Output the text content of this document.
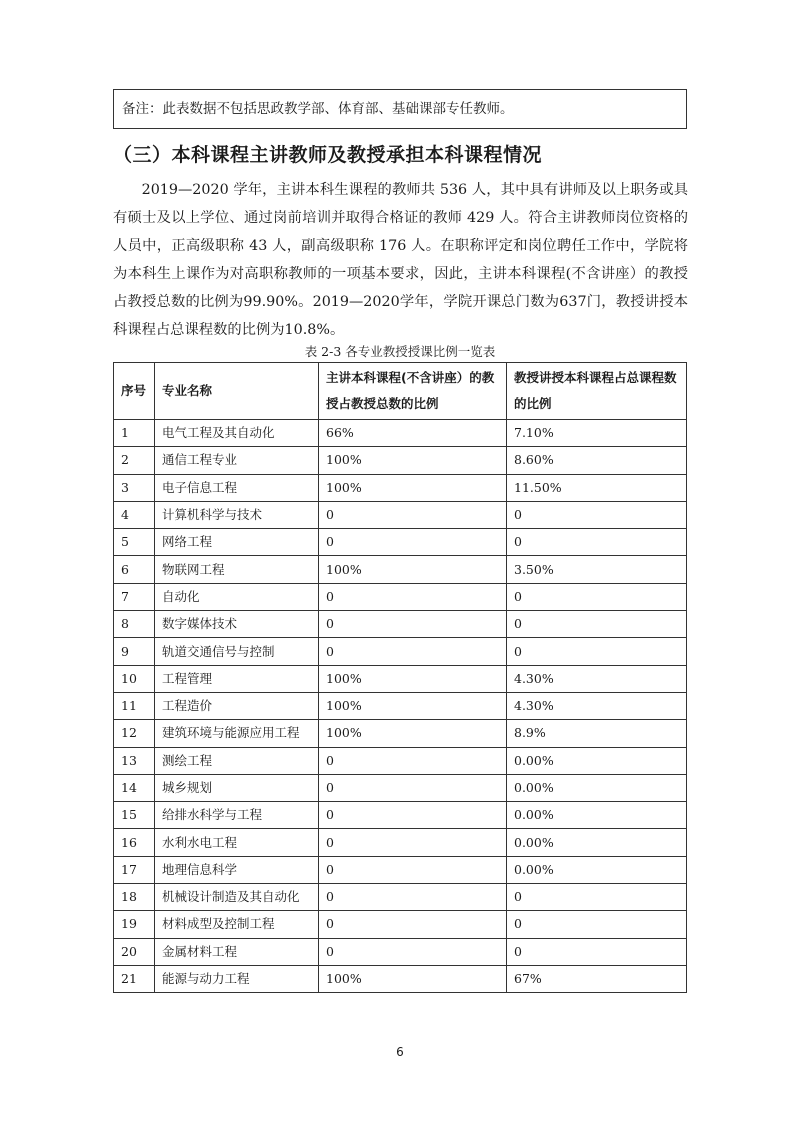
备注：此表数据不包括思政教学部、体育部、基础课部专任教师。
（三）本科课程主讲教师及教授承担本科课程情况

2019—2020 学年，主讲本科生课程的教师共 536 人，其中具有讲师及以上职务或具有硕士及以上学位、通过岗前培训并取得合格证的教师 429 人。符合主讲教师岗位资格的人员中，正高级职称 43 人，副高级职称 176 人。在职称评定和岗位聘任工作中，学院将为本科生上课作为对高职称教师的一项基本要求，因此，主讲本科课程(不含讲座）的教授占教授总数的比例为99.90%。2019—2020学年，学院开课总门数为637门，教授讲授本科课程占总课程数的比例为10.8%。

表 2-3 各专业教授授课比例一览表
序号	专业名称	主讲本科课程(不含讲座）的教授占教授总数的比例	教授讲授本科课程占总课程数的比例
1	电气工程及其自动化	66%	7.10%
2	通信工程专业	100%	8.60%
3	电子信息工程	100%	11.50%
4	计算机科学与技术	0	0
5	网络工程	0	0
6	物联网工程	100%	3.50%
7	自动化	0	0
8	数字媒体技术	0	0
9	轨道交通信号与控制	0	0
10	工程管理	100%	4.30%
11	工程造价	100%	4.30%
12	建筑环境与能源应用工程	100%	8.9%
13	测绘工程	0	0.00%
14	城乡规划	0	0.00%
15	给排水科学与工程	0	0.00%
16	水利水电工程	0	0.00%
17	地理信息科学	0	0.00%
18	机械设计制造及其自动化	0	0
19	材料成型及控制工程	0	0
20	金属材料工程	0	0
21	能源与动力工程	100%	67%
6
